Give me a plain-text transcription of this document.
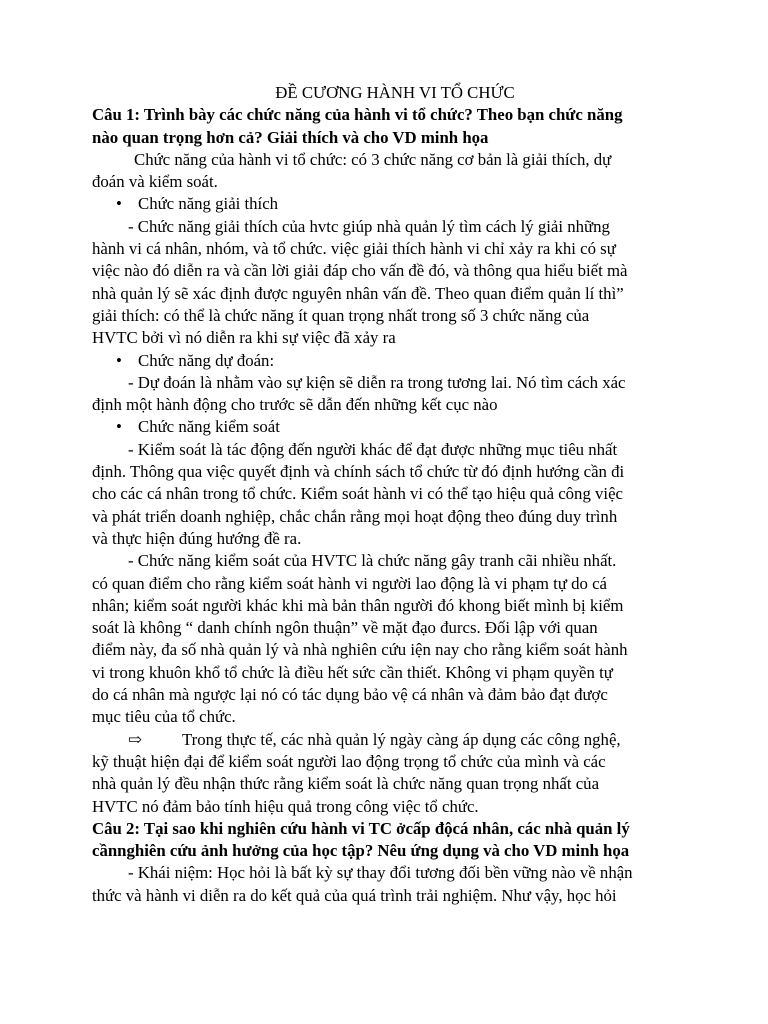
ĐỀ CƯƠNG HÀNH VI TỔ CHỨC
Câu 1: Trình bày các chức năng của hành vi tổ chức? Theo bạn chức năng
nào quan trọng hơn cả? Giải thích và cho VD minh họa
Chức năng của hành vi tổ chức: có 3 chức năng cơ bản là giải thích, dự
đoán và kiểm soát.
• Chức năng giải thích
- Chức năng giải thích của hvtc giúp nhà quản lý tìm cách lý giải những
hành vi cá nhân, nhóm, và tổ chức. việc giải thích hành vi chỉ xảy ra khi có sự
việc nào đó diễn ra và cần lời giải đáp cho vấn đề đó, và thông qua hiểu biết mà
nhà quản lý sẽ xác định được nguyên nhân vấn đề. Theo quan điểm quản lí thì”
giải thích: có thể là chức năng ít quan trọng nhất trong số 3 chức năng của
HVTC bởi vì nó diễn ra khi sự việc đã xảy ra
• Chức năng dự đoán:
- Dự đoán là nhằm vào sự kiện sẽ diễn ra trong tương lai. Nó tìm cách xác
định một hành động cho trước sẽ dẫn đến những kết cục nào
• Chức năng kiểm soát
- Kiểm soát là tác động đến người khác để đạt được những mục tiêu nhất
định. Thông qua việc quyết định và chính sách tổ chức từ đó định hướng cần đi
cho các cá nhân trong tổ chức. Kiểm soát hành vi có thể tạo hiệu quả công việc
và phát triển doanh nghiệp, chắc chắn rằng mọi hoạt động theo đúng duy trình
và thực hiện đúng hướng đề ra.
- Chức năng kiểm soát của HVTC là chức năng gây tranh cãi nhiều nhất.
có quan điểm cho rằng kiểm soát hành vi người lao động là vi phạm tự do cá
nhân; kiểm soát người khác khi mà bản thân người đó khong biết mình bị kiểm
soát là không “ danh chính ngôn thuận” về mặt đạo đurcs. Đối lập với quan
điểm này, đa số nhà quản lý và nhà nghiên cứu iện nay cho rằng kiểm soát hành
vi trong khuôn khổ tổ chức là điều hết sức cần thiết. Không vi phạm quyền tự
do cá nhân mà ngược lại nó có tác dụng bảo vệ cá nhân và đảm bảo đạt được
mục tiêu của tổ chức.
⇨ Trong thực tế, các nhà quản lý ngày càng áp dụng các công nghệ,
kỹ thuật hiện đại để kiểm soát người lao động trọng tổ chức của mình và các
nhà quản lý đều nhận thức rằng kiểm soát là chức năng quan trọng nhất của
HVTC nó đảm bảo tính hiệu quả trong công việc tổ chức.
Câu 2: Tại sao khi nghiên cứu hành vi TC ởcấp độcá nhân, các nhà quản lý
cầnnghiên cứu ảnh hưởng của học tập? Nêu ứng dụng và cho VD minh họa
- Khái niệm: Học hỏi là bất kỳ sự thay đổi tương đối bền vững nào về nhận
thức và hành vi diễn ra do kết quả của quá trình trải nghiệm. Như vậy, học hỏi
